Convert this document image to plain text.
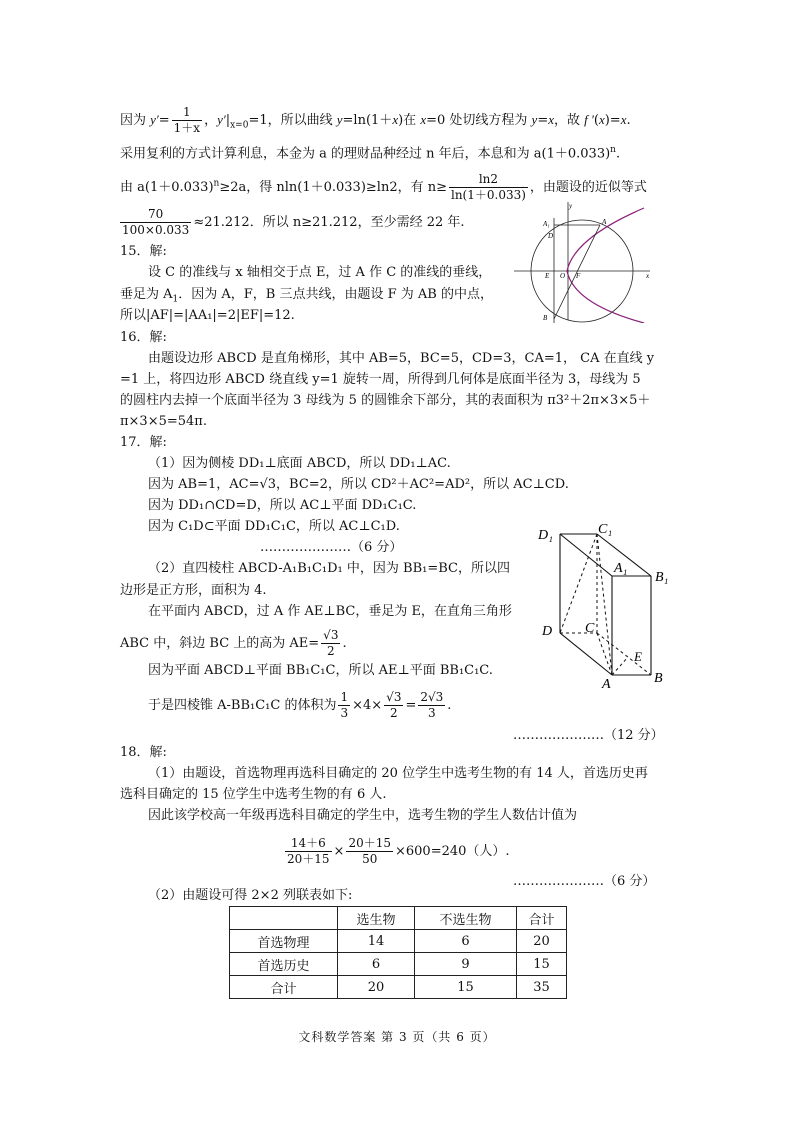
因为 $y'= \frac{1}{1+x}$ ，$y'|_{x=0}=1$，所以曲线 y=ln(1＋x)在 x=0 处切线方程为 y=x，故 f ′(x)=x.
采用复利的方式计算利息，本金为 a 的理财品种经过 n 年后，本息和为 $a(1+0.033)^n$.
由 $a(1+0.033)^n\ge 2a$，得 nln(1＋0.033)≥ln2，有 $n\ge \frac{\ln 2}{\ln(1+0.033)}$ ，由题设的近似等式
$\frac{70}{100\times 0.033} \approx 21.212$．所以 n≥21.212，至少需经 22 年.
15．解:
设 C 的准线与 x 轴相交于点 E，过 A 作 C 的准线的垂线，
垂足为 $A_1$．因为 A，F，B 三点共线，由题设 F 为 AB 的中点，
所以|AF|=|AA₁|=2|EF|=12.
y
x
A
A₁
D
E O F
B
16．解:
由题设边形 ABCD 是直角梯形，其中 AB=5，BC=5，CD=3，CA=1， CA 在直线 y
=1 上，将四边形 ABCD 绕直线 y=1 旋转一周，所得到几何体是底面半径为 3，母线为 5
的圆柱内去掉一个底面半径为 3 母线为 5 的圆锥余下部分，其的表面积为 π3²＋2π×3×5＋
π×3×5=54π.
17．解:
（1）因为侧棱 DD₁⊥底面 ABCD，所以 DD₁⊥AC.
因为 AB=1，AC=√3，BC=2，所以 CD²＋AC²=AD²，所以 AC⊥CD.
因为 DD₁∩CD=D，所以 AC⊥平面 DD₁C₁C.
因为 C₁D⊂平面 DD₁C₁C，所以 AC⊥C₁D.
…………………（6 分）
（2）直四棱柱 ABCD-A₁B₁C₁D₁ 中，因为 BB₁=BC，所以四
边形是正方形，面积为 4.
在平面内 ABCD，过 A 作 AE⊥BC，垂足为 E，在直角三角形
ABC 中，斜边 BC 上的高为 $AE= \frac{√3}{2}$ .
因为平面 ABCD⊥平面 BB₁C₁C，所以 AE⊥平面 BB₁C₁C.
于是四棱锥 A-BB₁C₁C 的体积为 $\frac{1}{3} \times 4\times \frac{√3}{2} = \frac{2√3}{3}$ .
…………………（12 分）
D₁	C₁
A₁
B₁
D C
E
A	B
18．解:
（1）由题设，首选物理再选科目确定的 20 位学生中选考生物的有 14 人，首选历史再
选科目确定的 15 位学生中选考生物的有 6 人.
因此该学校高一年级再选科目确定的学生中，选考生物的学生人数估计值为
$\frac{14+6}{20+15} \times \frac{20+15}{50} \times 600=240$（人）.
…………………（6 分）
（2）由题设可得 2×2 列联表如下:
	选生物	不选生物	合计
首选物理	14	6	20
首选历史	6	9	15
合计	20	15	35
文科数学答案 第 3 页（共 6 页）
